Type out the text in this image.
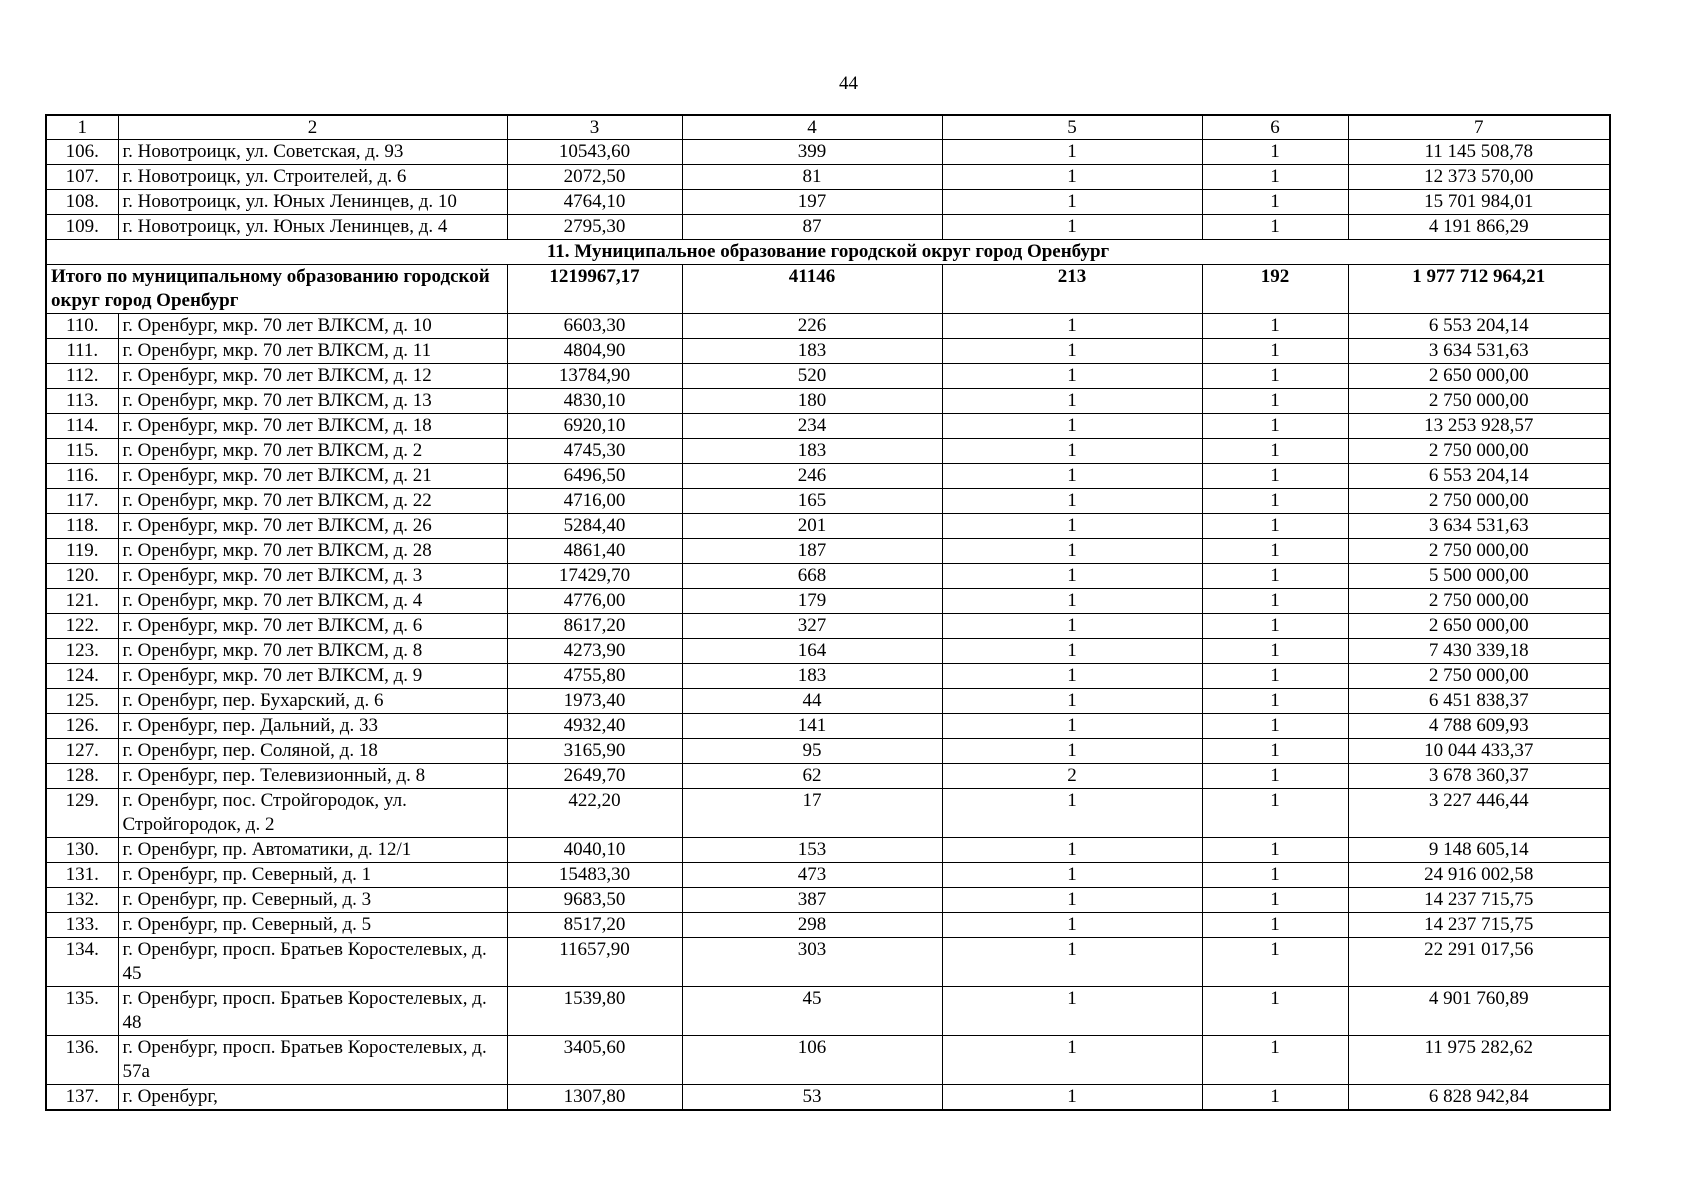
44
1	2	3	4	5	6	7
106.	г. Новотроицк, ул. Советская, д. 93	10543,60	399	1	1	11 145 508,78
107.	г. Новотроицк, ул. Строителей, д. 6	2072,50	81	1	1	12 373 570,00
108.	г. Новотроицк, ул. Юных Ленинцев, д. 10	4764,10	197	1	1	15 701 984,01
109.	г. Новотроицк, ул. Юных Ленинцев, д. 4	2795,30	87	1	1	4 191 866,29
11. Муниципальное образование городской округ город Оренбург						
Итого по муниципальному образованию городской округ город Оренбург		1219967,17	41146	213	192	1 977 712 964,21
110.	г. Оренбург, мкр. 70 лет ВЛКСМ, д. 10	6603,30	226	1	1	6 553 204,14
111.	г. Оренбург, мкр. 70 лет ВЛКСМ, д. 11	4804,90	183	1	1	3 634 531,63
112.	г. Оренбург, мкр. 70 лет ВЛКСМ, д. 12	13784,90	520	1	1	2 650 000,00
113.	г. Оренбург, мкр. 70 лет ВЛКСМ, д. 13	4830,10	180	1	1	2 750 000,00
114.	г. Оренбург, мкр. 70 лет ВЛКСМ, д. 18	6920,10	234	1	1	13 253 928,57
115.	г. Оренбург, мкр. 70 лет ВЛКСМ, д. 2	4745,30	183	1	1	2 750 000,00
116.	г. Оренбург, мкр. 70 лет ВЛКСМ, д. 21	6496,50	246	1	1	6 553 204,14
117.	г. Оренбург, мкр. 70 лет ВЛКСМ, д. 22	4716,00	165	1	1	2 750 000,00
118.	г. Оренбург, мкр. 70 лет ВЛКСМ, д. 26	5284,40	201	1	1	3 634 531,63
119.	г. Оренбург, мкр. 70 лет ВЛКСМ, д. 28	4861,40	187	1	1	2 750 000,00
120.	г. Оренбург, мкр. 70 лет ВЛКСМ, д. 3	17429,70	668	1	1	5 500 000,00
121.	г. Оренбург, мкр. 70 лет ВЛКСМ, д. 4	4776,00	179	1	1	2 750 000,00
122.	г. Оренбург, мкр. 70 лет ВЛКСМ, д. 6	8617,20	327	1	1	2 650 000,00
123.	г. Оренбург, мкр. 70 лет ВЛКСМ, д. 8	4273,90	164	1	1	7 430 339,18
124.	г. Оренбург, мкр. 70 лет ВЛКСМ, д. 9	4755,80	183	1	1	2 750 000,00
125.	г. Оренбург, пер. Бухарский, д. 6	1973,40	44	1	1	6 451 838,37
126.	г. Оренбург, пер. Дальний, д. 33	4932,40	141	1	1	4 788 609,93
127.	г. Оренбург, пер. Соляной, д. 18	3165,90	95	1	1	10 044 433,37
128.	г. Оренбург, пер. Телевизионный, д. 8	2649,70	62	2	1	3 678 360,37
129.	г. Оренбург, пос. Стройгородок, ул. Стройгородок, д. 2	422,20	17	1	1	3 227 446,44
130.	г. Оренбург, пр. Автоматики, д. 12/1	4040,10	153	1	1	9 148 605,14
131.	г. Оренбург, пр. Северный, д. 1	15483,30	473	1	1	24 916 002,58
132.	г. Оренбург, пр. Северный, д. 3	9683,50	387	1	1	14 237 715,75
133.	г. Оренбург, пр. Северный, д. 5	8517,20	298	1	1	14 237 715,75
134.	г. Оренбург, просп. Братьев Коростелевых, д. 45	11657,90	303	1	1	22 291 017,56
135.	г. Оренбург, просп. Братьев Коростелевых, д. 48	1539,80	45	1	1	4 901 760,89
136.	г. Оренбург, просп. Братьев Коростелевых, д. 57а	3405,60	106	1	1	11 975 282,62
137.	г. Оренбург,	1307,80	53	1	1	6 828 942,84
